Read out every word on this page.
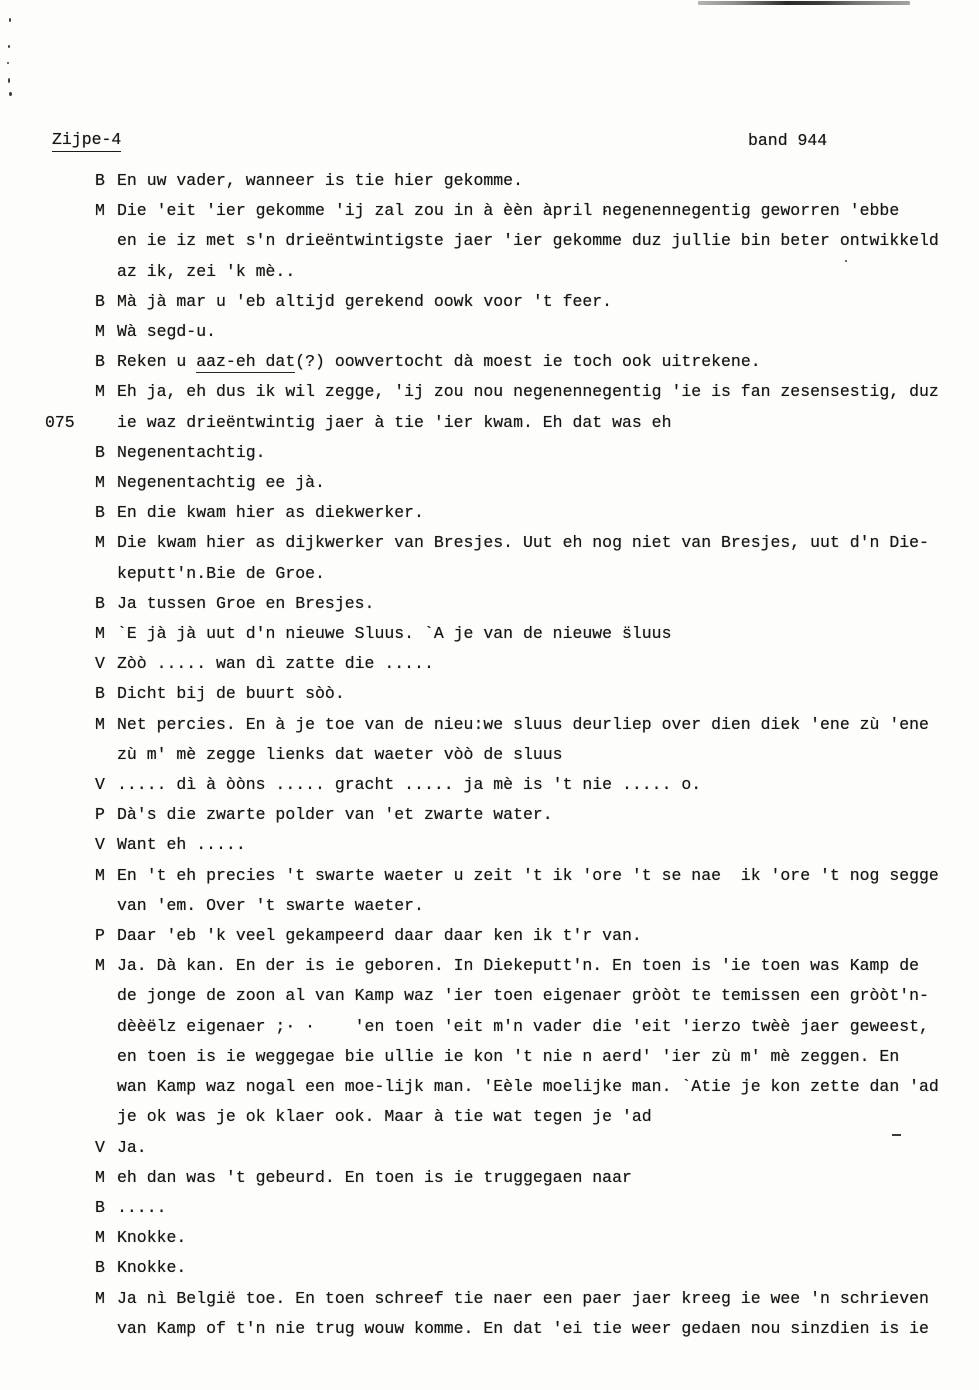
Zijpe-4	band 944
B En uw vader, wanneer is tie hier gekomme.
M Die 'eit 'ier gekomme 'ij zal zou in à èèn àpril negenennegentig geworren 'ebbe
en ie iz met s'n drieëntwintigste jaer 'ier gekomme duz jullie bin beter ontwikkeld
az ik, zei 'k mè..
B Mà jà mar u 'eb altijd gerekend oowk voor 't feer.
M Wà segd-u.
B Reken u aaz-eh dat(?) oowvertocht dà moest ie toch ook uitrekene.
M Eh ja, eh dus ik wil zegge, 'ij zou nou negenennegentig 'ie is fan zesensestig, duz
075	ie waz drieëntwintig jaer à tie 'ier kwam. Eh dat was eh
B Negenentachtig.
M Negenentachtig ee jà.
B En die kwam hier as diekwerker.
M Die kwam hier as dijkwerker van Bresjes. Uut eh nog niet van Bresjes, uut d'n Die-
keputt'n.Bie de Groe.
B Ja tussen Groe en Bresjes.
M `E jà jà uut d'n nieuwe Sluus. `A je van de nieuwe s̈luus
V Zòò ..... wan dì zatte die .....
B Dicht bij de buurt sòò.
M Net percies. En à je toe van de nieu:we sluus deurliep over dien diek 'ene zù 'ene
zù m' mè zegge lienks dat waeter vòò de sluus
V ..... dì à òòns ..... gracht ..... ja mè is 't nie ..... o.
P Dà's die zwarte polder van 'et zwarte water.
V Want eh .....
M En 't eh precies 't swarte waeter u zeit 't ik 'ore 't se nae  ik 'ore 't nog segge
van 'em. Over 't swarte waeter.
P Daar 'eb 'k veel gekampeerd daar daar ken ik t'r van.
M Ja. Dà kan. En der is ie geboren. In Diekeputt'n. En toen is 'ie toen was Kamp de
de jonge de zoon al van Kamp waz 'ier toen eigenaer gròòt te temissen een gròòt'n-
dèèëlz eigenaer ;· ·    'en toen 'eit m'n vader die 'eit 'ierzo twèè jaer geweest,
en toen is ie weggegae bie ullie ie kon 't nie n aerd' 'ier zù m' mè zeggen. En
wan Kamp waz nogal een moe-lijk man. 'Eèle moelijke man. `Atie je kon zette dan 'ad
je ok was je ok klaer ook. Maar à tie wat tegen je 'ad
V Ja.
M eh dan was 't gebeurd. En toen is ie truggegaen naar
B .....
M Knokke.
B Knokke.
M Ja nì België toe. En toen schreef tie naer een paer jaer kreeg ie wee 'n schrieven
van Kamp of t'n nie trug wouw komme. En dat 'ei tie weer gedaen nou sinzdien is ie
